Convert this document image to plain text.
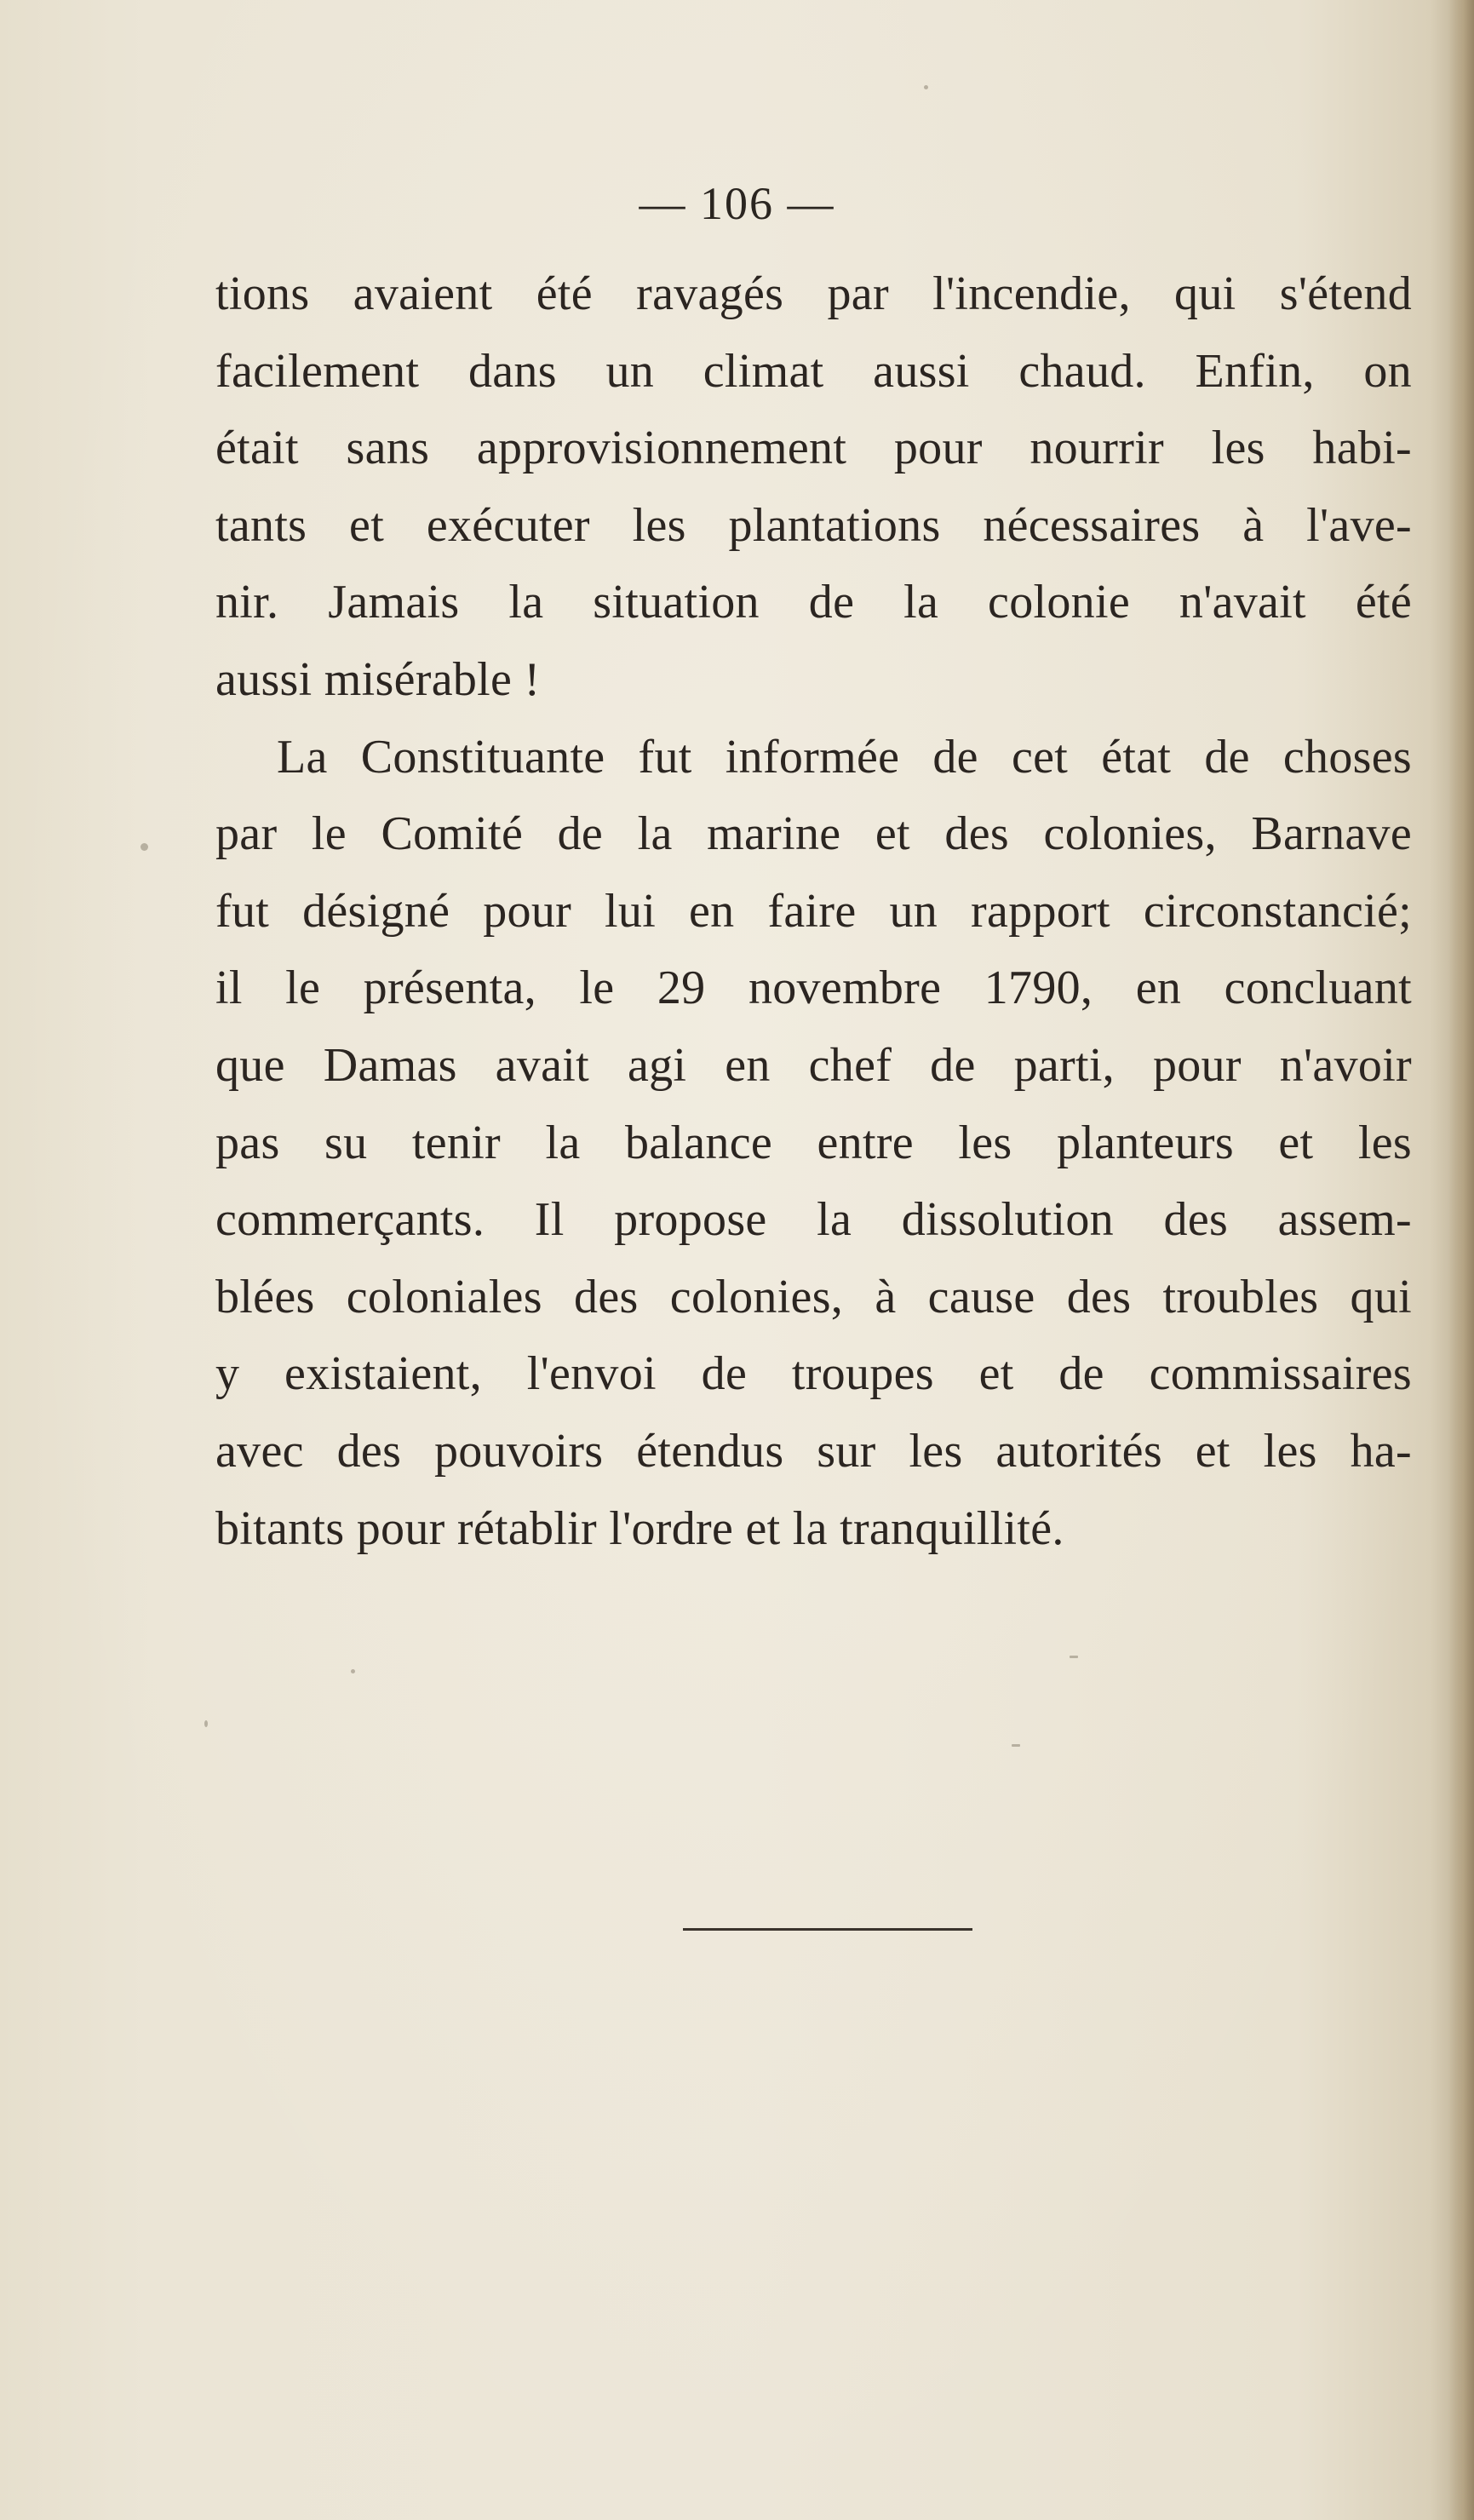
— 106 —
tions avaient été ravagés par l'incendie, qui s'étend
facilement dans un climat aussi chaud. Enfin, on
était sans approvisionnement pour nourrir les habi-
tants et exécuter les plantations nécessaires à l'ave-
nir. Jamais la situation de la colonie n'avait été
aussi misérable !
La Constituante fut informée de cet état de choses
par le Comité de la marine et des colonies, Barnave
fut désigné pour lui en faire un rapport circonstancié;
il le présenta, le 29 novembre 1790, en concluant
que Damas avait agi en chef de parti, pour n'avoir
pas su tenir la balance entre les planteurs et les
commerçants. Il propose la dissolution des assem-
blées coloniales des colonies, à cause des troubles qui
y existaient, l'envoi de troupes et de commissaires
avec des pouvoirs étendus sur les autorités et les ha-
bitants pour rétablir l'ordre et la tranquillité.
